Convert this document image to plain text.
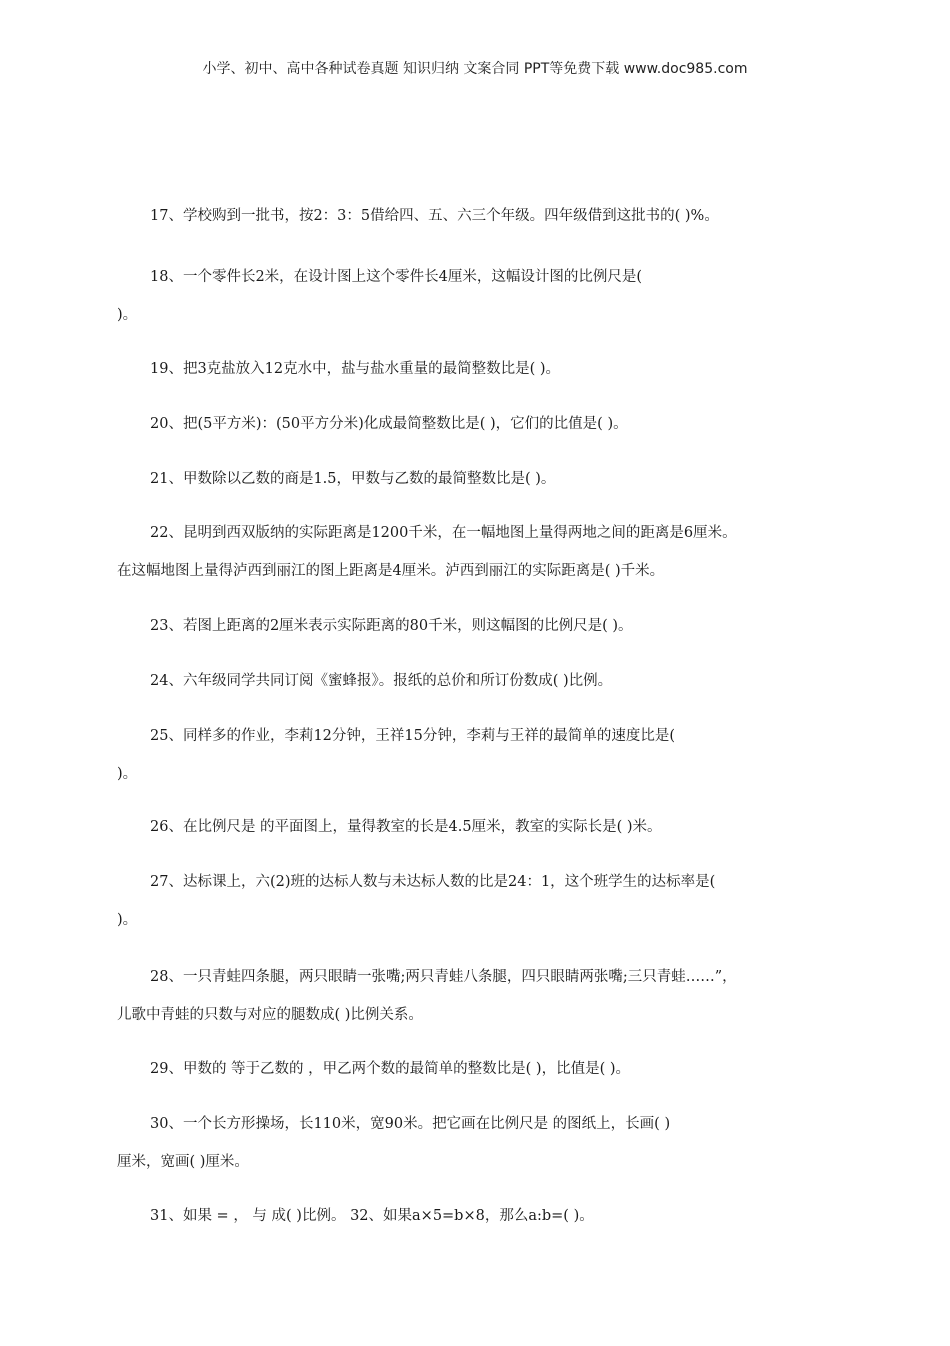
小学、初中、高中各种试卷真题 知识归纳 文案合同 PPT等免费下载 www.doc985.com
17、学校购到一批书，按2：3：5借给四、五、六三个年级。四年级借到这批书的( )%。
18、一个零件长2米，在设计图上这个零件长4厘米，这幅设计图的比例尺是(
)。
19、把3克盐放入12克水中，盐与盐水重量的最简整数比是( )。
20、把(5平方米)：(50平方分米)化成最简整数比是( )，它们的比值是( )。
21、甲数除以乙数的商是1.5，甲数与乙数的最简整数比是( )。
22、昆明到西双版纳的实际距离是1200千米，在一幅地图上量得两地之间的距离是6厘米。
在这幅地图上量得泸西到丽江的图上距离是4厘米。泸西到丽江的实际距离是( )千米。
23、若图上距离的2厘米表示实际距离的80千米，则这幅图的比例尺是( )。
24、六年级同学共同订阅《蜜蜂报》。报纸的总价和所订份数成( )比例。
25、同样多的作业，李莉12分钟，王祥15分钟，李莉与王祥的最简单的速度比是(
)。
26、在比例尺是 的平面图上，量得教室的长是4.5厘米，教室的实际长是( )米。
27、达标课上，六(2)班的达标人数与未达标人数的比是24：1，这个班学生的达标率是(
)。
28、一只青蛙四条腿，两只眼睛一张嘴;两只青蛙八条腿，四只眼睛两张嘴;三只青蛙……”，
儿歌中青蛙的只数与对应的腿数成( )比例关系。
29、甲数的 等于乙数的 ，甲乙两个数的最简单的整数比是( )，比值是( )。
30、一个长方形操场，长110米，宽90米。把它画在比例尺是 的图纸上，长画( )
厘米，宽画( )厘米。
31、如果 = ， 与 成( )比例。 32、如果a×5=b×8，那么a:b=( )。
